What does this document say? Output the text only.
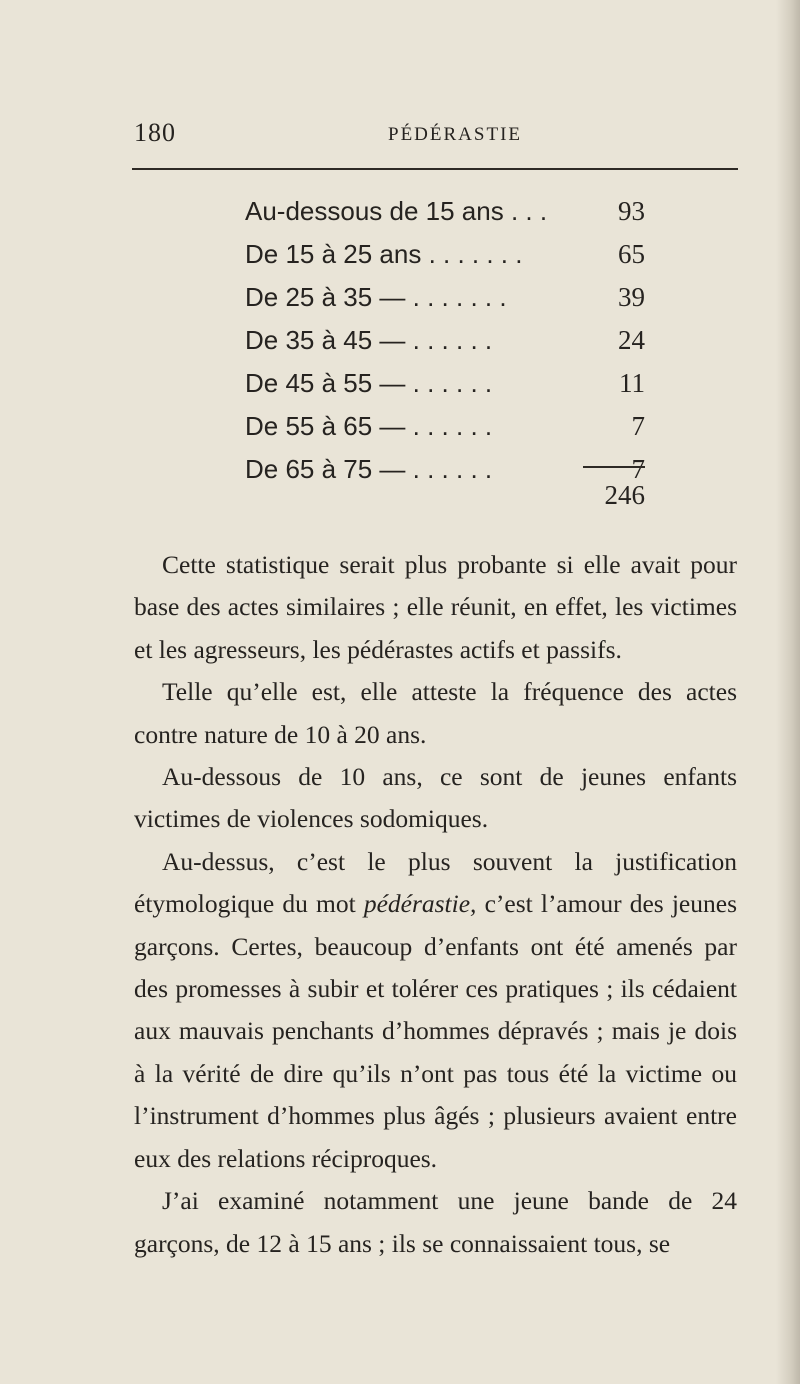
180	PÉDÉRASTIE
Au-dessous de 15 ans . . .	93
De 15 à 25 ans . . . . . . .	65
De 25 à 35 — . . . . . . .	39
De 35 à 45 — . . . . . .	24
De 45 à 55 — . . . . . .	11
De 55 à 65 — . . . . . .	7
De 65 à 75 — . . . . . .	7
246

Cette statistique serait plus probante si elle avait pour base des actes similaires ; elle réunit, en effet, les victimes et les agresseurs, les pédérastes actifs et passifs.

Telle qu’elle est, elle atteste la fréquence des actes contre nature de 10 à 20 ans.

Au-dessous de 10 ans, ce sont de jeunes enfants victimes de violences sodomiques.

Au-dessus, c’est le plus souvent la justification étymologique du mot pédérastie, c’est l’amour des jeunes garçons. Certes, beaucoup d’enfants ont été amenés par des promesses à subir et tolérer ces pratiques ; ils cédaient aux mauvais penchants d’hommes dépravés ; mais je dois à la vérité de dire qu’ils n’ont pas tous été la victime ou l’instrument d’hommes plus âgés ; plusieurs avaient entre eux des relations réciproques.

J’ai examiné notamment une jeune bande de 24 garçons, de 12 à 15 ans ; ils se connaissaient tous, se
